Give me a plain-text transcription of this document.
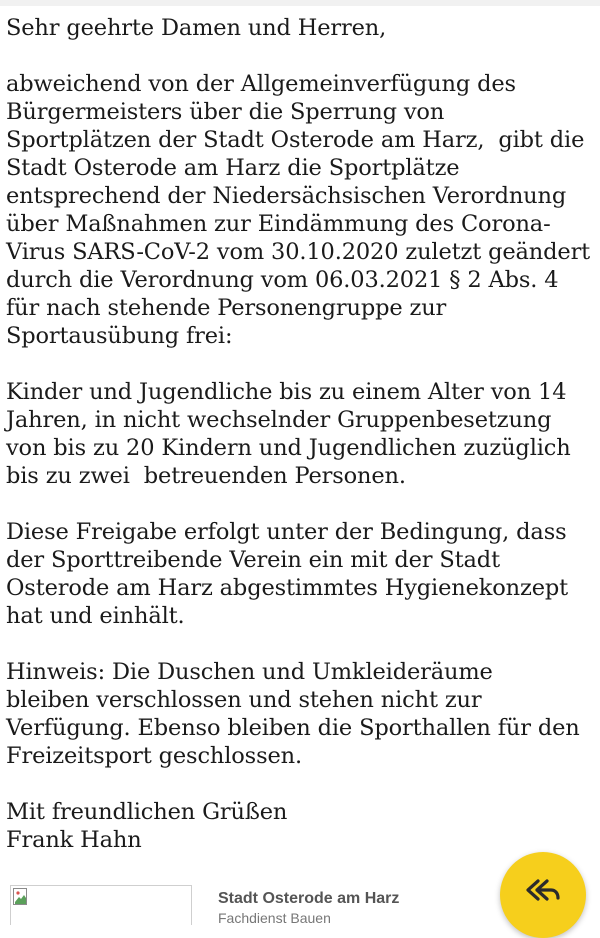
Sehr geehrte Damen und Herren,

abweichend von der Allgemeinverfügung des
Bürgermeisters über die Sperrung von
Sportplätzen der Stadt Osterode am Harz,  gibt die
Stadt Osterode am Harz die Sportplätze
entsprechend der Niedersächsischen Verordnung
über Maßnahmen zur Eindämmung des Corona-
Virus SARS-CoV-2 vom 30.10.2020 zuletzt geändert
durch die Verordnung vom 06.03.2021 § 2 Abs. 4
für nach stehende Personengruppe zur
Sportausübung frei:

Kinder und Jugendliche bis zu einem Alter von 14
Jahren, in nicht wechselnder Gruppenbesetzung
von bis zu 20 Kindern und Jugendlichen zuzüglich
bis zu zwei  betreuenden Personen.

Diese Freigabe erfolgt unter der Bedingung, dass
der Sporttreibende Verein ein mit der Stadt
Osterode am Harz abgestimmtes Hygienekonzept
hat und einhält.

Hinweis: Die Duschen und Umkleideräume
bleiben verschlossen und stehen nicht zur
Verfügung. Ebenso bleiben die Sporthallen für den
Freizeitsport geschlossen.

Mit freundlichen Grüßen
Frank Hahn

Stadt Osterode am Harz
Fachdienst Bauen
